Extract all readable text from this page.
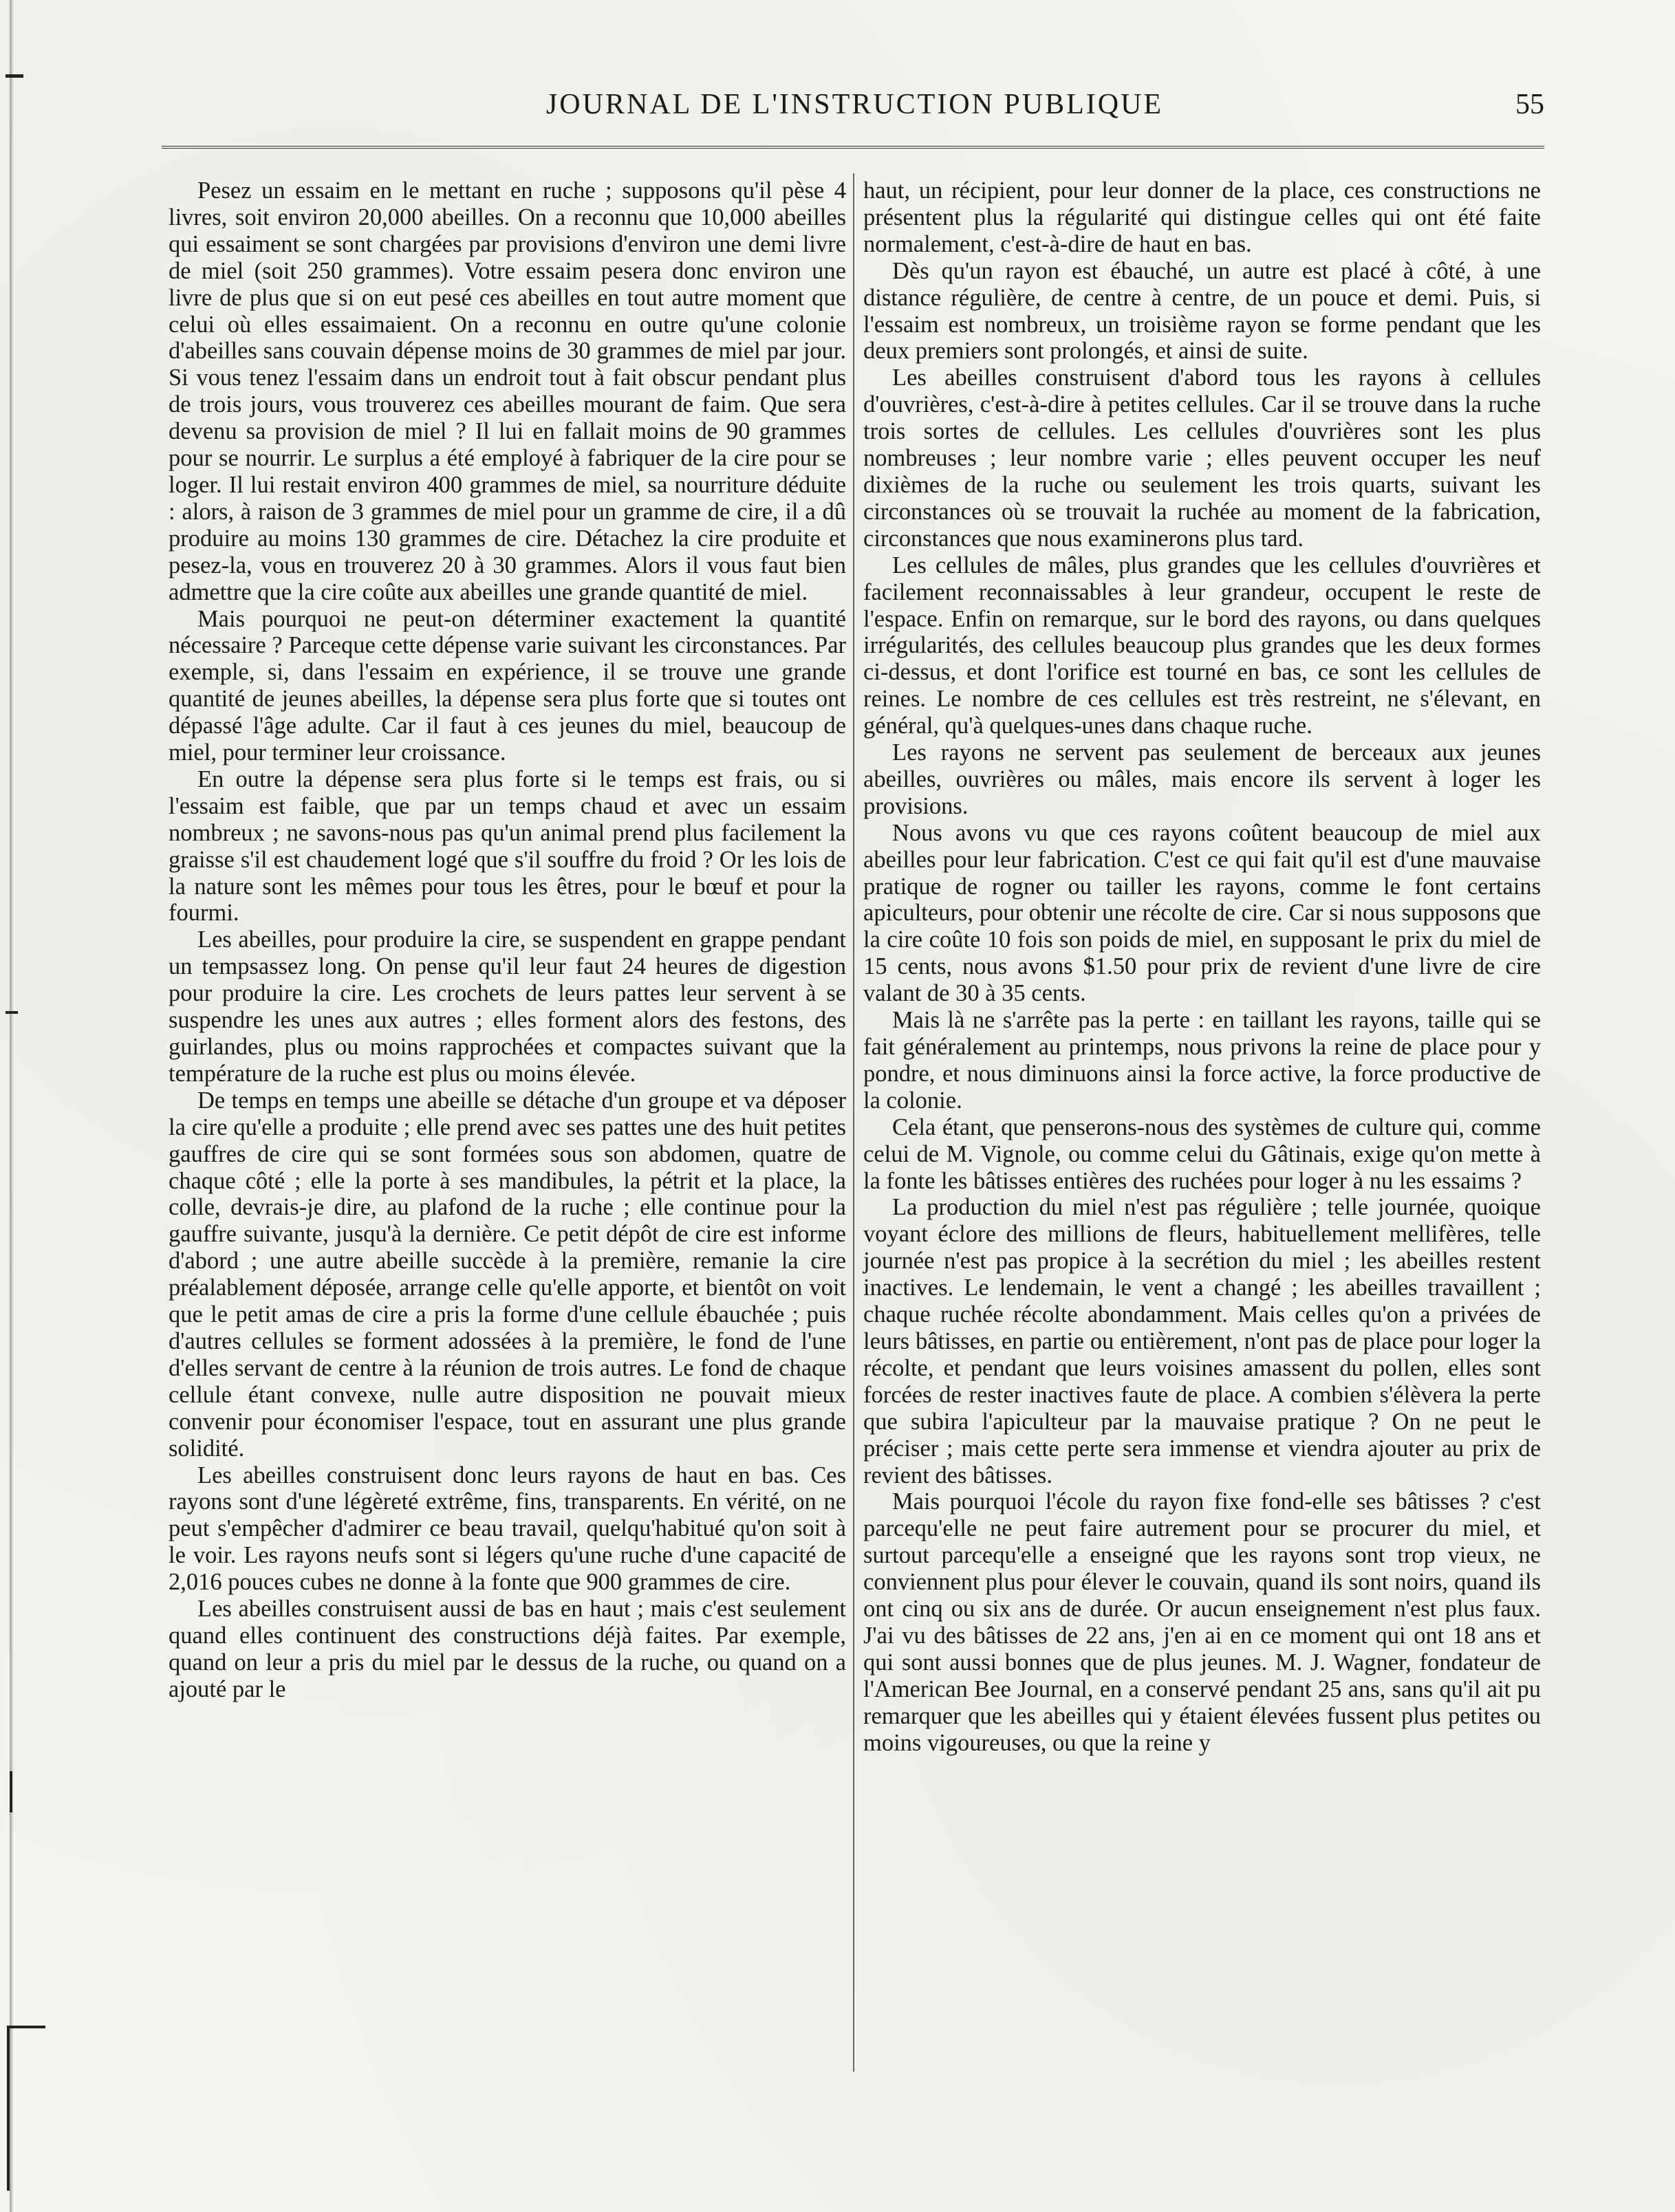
JOURNAL DE L'INSTRUCTION PUBLIQUE	55

Pesez un essaim en le mettant en ruche ; supposons qu'il pèse 4 livres, soit environ 20,000 abeilles. On a reconnu que 10,000 abeilles qui essaiment se sont chargées par provisions d'environ une demi livre de miel (soit 250 grammes). Votre essaim pesera donc environ une livre de plus que si on eut pesé ces abeilles en tout autre moment que celui où elles essaimaient. On a reconnu en outre qu'une colonie d'abeilles sans couvain dépense moins de 30 grammes de miel par jour. Si vous tenez l'essaim dans un endroit tout à fait obscur pendant plus de trois jours, vous trouverez ces abeilles mourant de faim. Que sera devenu sa provision de miel ? Il lui en fallait moins de 90 grammes pour se nourrir. Le surplus a été employé à fabriquer de la cire pour se loger. Il lui restait environ 400 grammes de miel, sa nourriture déduite : alors, à raison de 3 grammes de miel pour un gramme de cire, il a dû produire au moins 130 grammes de cire. Détachez la cire produite et pesez-la, vous en trouverez 20 à 30 grammes. Alors il vous faut bien admettre que la cire coûte aux abeilles une grande quantité de miel.

Mais pourquoi ne peut-on déterminer exactement la quantité nécessaire ? Parceque cette dépense varie suivant les circonstances. Par exemple, si, dans l'essaim en expérience, il se trouve une grande quantité de jeunes abeilles, la dépense sera plus forte que si toutes ont dépassé l'âge adulte. Car il faut à ces jeunes du miel, beaucoup de miel, pour terminer leur croissance.

En outre la dépense sera plus forte si le temps est frais, ou si l'essaim est faible, que par un temps chaud et avec un essaim nombreux ; ne savons-nous pas qu'un animal prend plus facilement la graisse s'il est chaudement logé que s'il souffre du froid ? Or les lois de la nature sont les mêmes pour tous les êtres, pour le bœuf et pour la fourmi.

Les abeilles, pour produire la cire, se suspendent en grappe pendant un tempsassez long. On pense qu'il leur faut 24 heures de digestion pour produire la cire. Les crochets de leurs pattes leur servent à se suspendre les unes aux autres ; elles forment alors des festons, des guirlandes, plus ou moins rapprochées et compactes suivant que la température de la ruche est plus ou moins élevée.

De temps en temps une abeille se détache d'un groupe et va déposer la cire qu'elle a produite ; elle prend avec ses pattes une des huit petites gauffres de cire qui se sont formées sous son abdomen, quatre de chaque côté ; elle la porte à ses mandibules, la pétrit et la place, la colle, devrais-je dire, au plafond de la ruche ; elle continue pour la gauffre suivante, jusqu'à la dernière. Ce petit dépôt de cire est informe d'abord ; une autre abeille succède à la première, remanie la cire préalablement déposée, arrange celle qu'elle apporte, et bientôt on voit que le petit amas de cire a pris la forme d'une cellule ébauchée ; puis d'autres cellules se forment adossées à la première, le fond de l'une d'elles servant de centre à la réunion de trois autres. Le fond de chaque cellule étant convexe, nulle autre disposition ne pouvait mieux convenir pour économiser l'espace, tout en assurant une plus grande solidité.

Les abeilles construisent donc leurs rayons de haut en bas. Ces rayons sont d'une légèreté extrême, fins, transparents. En vérité, on ne peut s'empêcher d'admirer ce beau travail, quelqu'habitué qu'on soit à le voir. Les rayons neufs sont si légers qu'une ruche d'une capacité de 2,016 pouces cubes ne donne à la fonte que 900 grammes de cire.

Les abeilles construisent aussi de bas en haut ; mais c'est seulement quand elles continuent des constructions déjà faites. Par exemple, quand on leur a pris du miel par le dessus de la ruche, ou quand on a ajouté par le

haut, un récipient, pour leur donner de la place, ces constructions ne présentent plus la régularité qui distingue celles qui ont été faite normalement, c'est-à-dire de haut en bas.

Dès qu'un rayon est ébauché, un autre est placé à côté, à une distance régulière, de centre à centre, de un pouce et demi. Puis, si l'essaim est nombreux, un troisième rayon se forme pendant que les deux premiers sont prolongés, et ainsi de suite.

Les abeilles construisent d'abord tous les rayons à cellules d'ouvrières, c'est-à-dire à petites cellules. Car il se trouve dans la ruche trois sortes de cellules. Les cellules d'ouvrières sont les plus nombreuses ; leur nombre varie ; elles peuvent occuper les neuf dixièmes de la ruche ou seulement les trois quarts, suivant les circonstances où se trouvait la ruchée au moment de la fabrication, circonstances que nous examinerons plus tard.

Les cellules de mâles, plus grandes que les cellules d'ouvrières et facilement reconnaissables à leur grandeur, occupent le reste de l'espace. Enfin on remarque, sur le bord des rayons, ou dans quelques irrégularités, des cellules beaucoup plus grandes que les deux formes ci-dessus, et dont l'orifice est tourné en bas, ce sont les cellules de reines. Le nombre de ces cellules est très restreint, ne s'élevant, en général, qu'à quelques-unes dans chaque ruche.

Les rayons ne servent pas seulement de berceaux aux jeunes abeilles, ouvrières ou mâles, mais encore ils servent à loger les provisions.

Nous avons vu que ces rayons coûtent beaucoup de miel aux abeilles pour leur fabrication. C'est ce qui fait qu'il est d'une mauvaise pratique de rogner ou tailler les rayons, comme le font certains apiculteurs, pour obtenir une récolte de cire. Car si nous supposons que la cire coûte 10 fois son poids de miel, en supposant le prix du miel de 15 cents, nous avons $1.50 pour prix de revient d'une livre de cire valant de 30 à 35 cents.

Mais là ne s'arrête pas la perte : en taillant les rayons, taille qui se fait généralement au printemps, nous privons la reine de place pour y pondre, et nous diminuons ainsi la force active, la force productive de la colonie.

Cela étant, que penserons-nous des systèmes de culture qui, comme celui de M. Vignole, ou comme celui du Gâtinais, exige qu'on mette à la fonte les bâtisses entières des ruchées pour loger à nu les essaims ?

La production du miel n'est pas régulière ; telle journée, quoique voyant éclore des millions de fleurs, habituellement mellifères, telle journée n'est pas propice à la secrétion du miel ; les abeilles restent inactives. Le lendemain, le vent a changé ; les abeilles travaillent ; chaque ruchée récolte abondamment. Mais celles qu'on a privées de leurs bâtisses, en partie ou entièrement, n'ont pas de place pour loger la récolte, et pendant que leurs voisines amassent du pollen, elles sont forcées de rester inactives faute de place. A combien s'élèvera la perte que subira l'apiculteur par la mauvaise pratique ? On ne peut le préciser ; mais cette perte sera immense et viendra ajouter au prix de revient des bâtisses.

Mais pourquoi l'école du rayon fixe fond-elle ses bâtisses ? c'est parcequ'elle ne peut faire autrement pour se procurer du miel, et surtout parcequ'elle a enseigné que les rayons sont trop vieux, ne conviennent plus pour élever le couvain, quand ils sont noirs, quand ils ont cinq ou six ans de durée. Or aucun enseignement n'est plus faux. J'ai vu des bâtisses de 22 ans, j'en ai en ce moment qui ont 18 ans et qui sont aussi bonnes que de plus jeunes. M. J. Wagner, fondateur de l'American Bee Journal, en a conservé pendant 25 ans, sans qu'il ait pu remarquer que les abeilles qui y étaient élevées fussent plus petites ou moins vigoureuses, ou que la reine y
